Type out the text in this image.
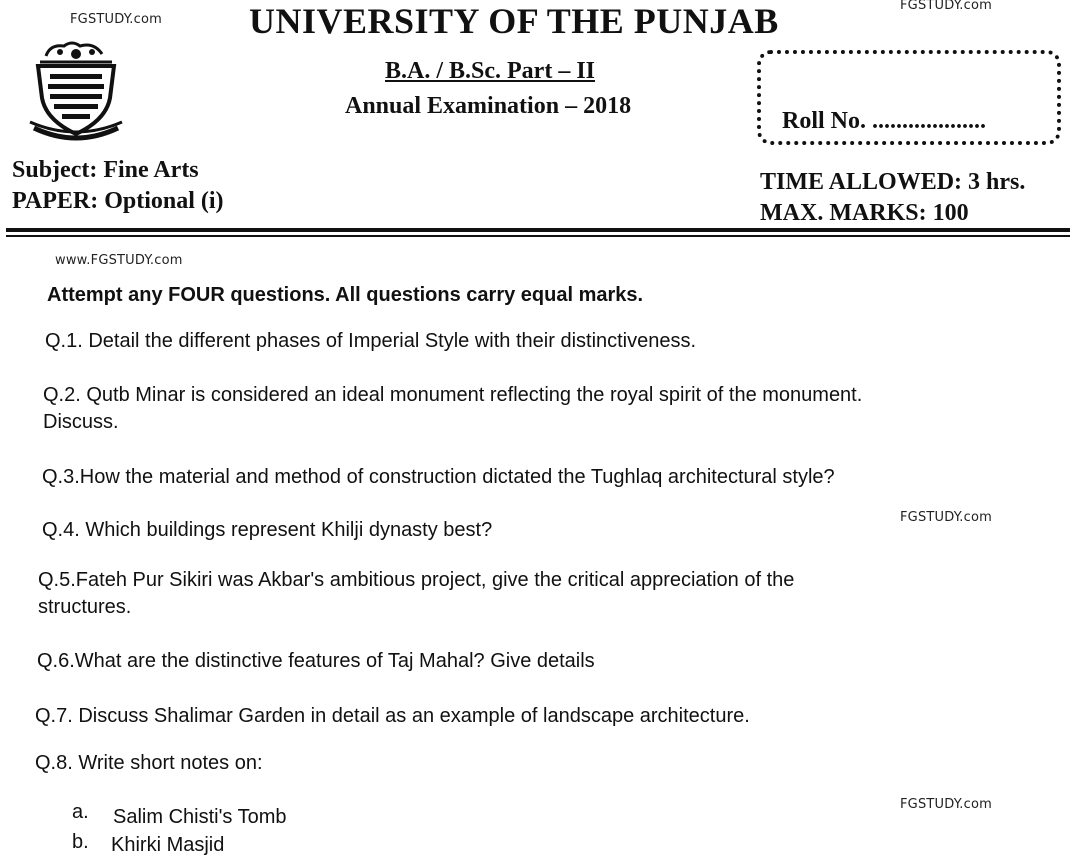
FGSTUDY.com
FGSTUDY.com
www.FGSTUDY.com
FGSTUDY.com
FGSTUDY.com
UNIVERSITY OF THE PUNJAB
B.A. / B.Sc. Part – II
Annual Examination – 2018
Roll No. ...................
Subject: Fine Arts
PAPER: Optional (i)
TIME ALLOWED: 3 hrs.
MAX. MARKS: 100
Attempt any FOUR questions. All questions carry equal marks.
Q.1. Detail the different phases of Imperial Style with their distinctiveness.
Q.2. Qutb Minar is considered an ideal monument reflecting the royal spirit of the monument.
Discuss.
Q.3.How the material and method of construction dictated the Tughlaq architectural style?
Q.4. Which buildings represent Khilji dynasty best?
Q.5.Fateh Pur Sikiri was Akbar's ambitious project, give the critical appreciation of the
structures.
Q.6.What are the distinctive features of Taj Mahal? Give details
Q.7. Discuss Shalimar Garden in detail as an example of landscape architecture.
Q.8. Write short notes on:
a. Salim Chisti's Tomb
b. Khirki Masjid
